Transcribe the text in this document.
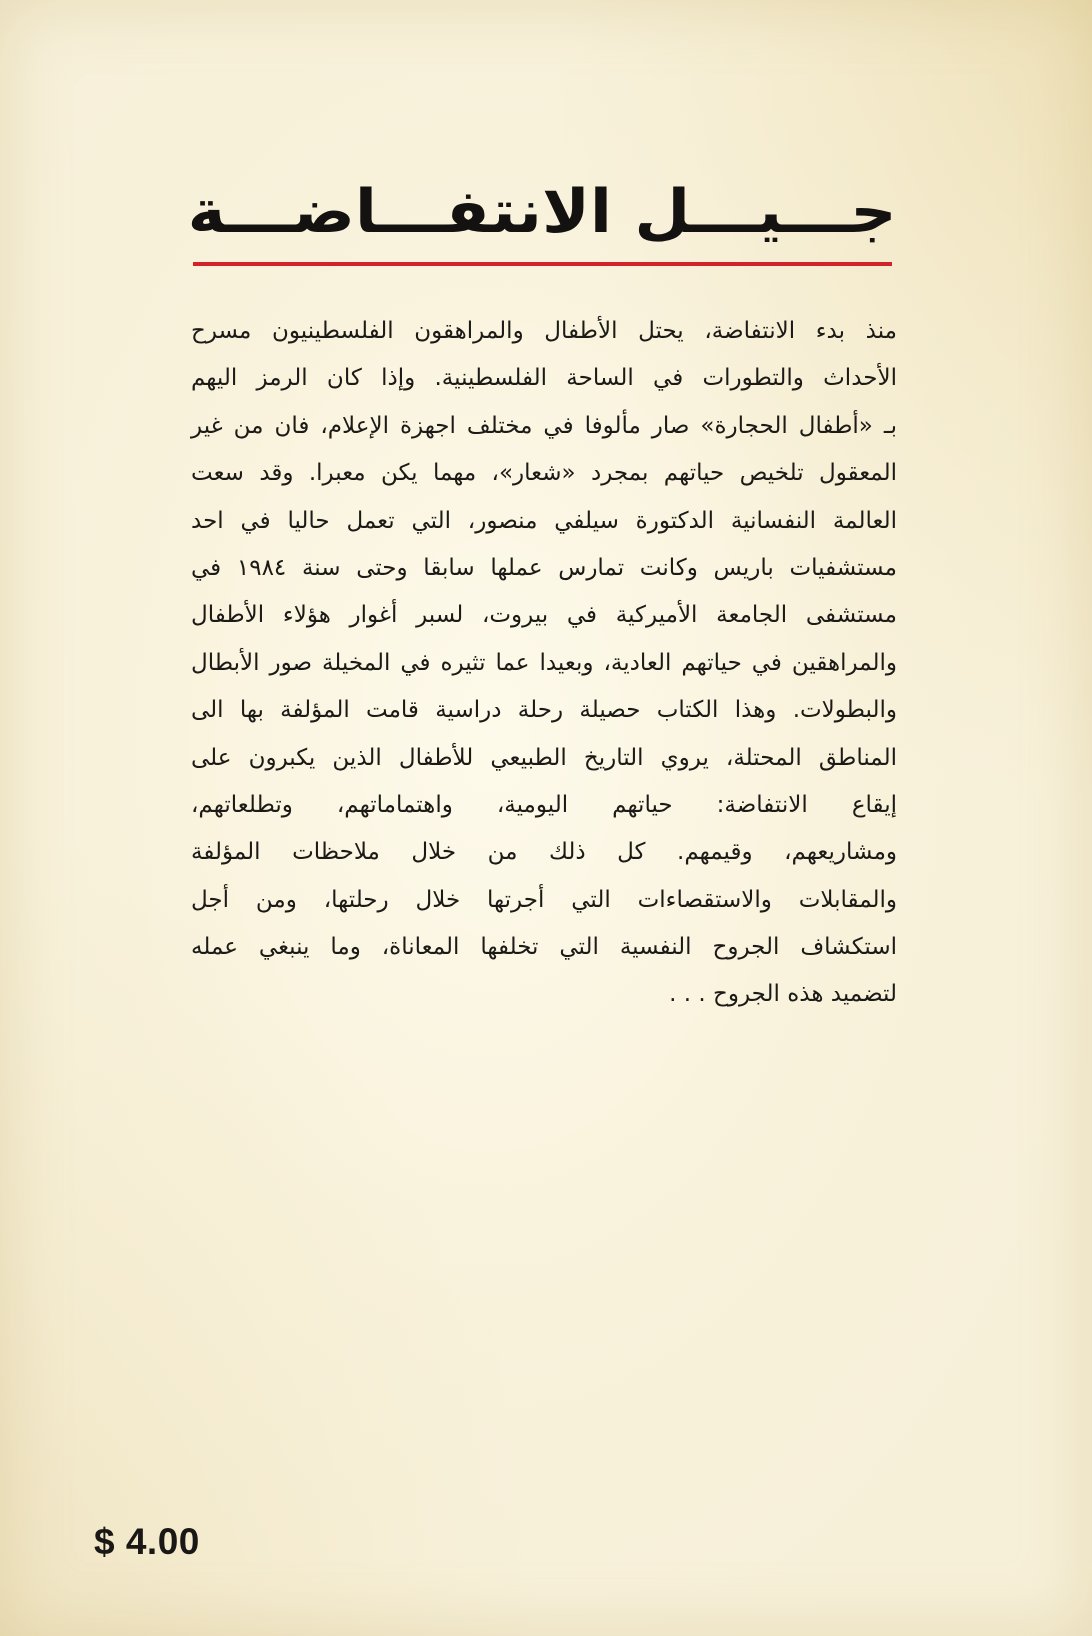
جـــيـــل الانتفـــاضـــة
منذ بدء الانتفاضة، يحتل الأطفال والمراهقون الفلسطينيون مسرح
الأحداث والتطورات في الساحة الفلسطينية. وإذا كان الرمز اليهم
بـ «أطفال الحجارة» صار مألوفا في مختلف اجهزة الإعلام، فان من غير
المعقول تلخيص حياتهم بمجرد «شعار»، مهما يكن معبرا. وقد سعت
العالمة النفسانية الدكتورة سيلفي منصور، التي تعمل حاليا في احد
مستشفيات باريس وكانت تمارس عملها سابقا وحتى سنة ١٩٨٤ في
مستشفى الجامعة الأميركية في بيروت، لسبر أغوار هؤلاء الأطفال
والمراهقين في حياتهم العادية، وبعيدا عما تثيره في المخيلة صور الأبطال
والبطولات. وهذا الكتاب حصيلة رحلة دراسية قامت المؤلفة بها الى
المناطق المحتلة، يروي التاريخ الطبيعي للأطفال الذين يكبرون على
إيقاع الانتفاضة: حياتهم اليومية، واهتماماتهم، وتطلعاتهم،
ومشاريعهم، وقيمهم. كل ذلك من خلال ملاحظات المؤلفة
والمقابلات والاستقصاءات التي أجرتها خلال رحلتها، ومن أجل
استكشاف الجروح النفسية التي تخلفها المعاناة، وما ينبغي عمله
لتضميد هذه الجروح . . .
$ 4.00
